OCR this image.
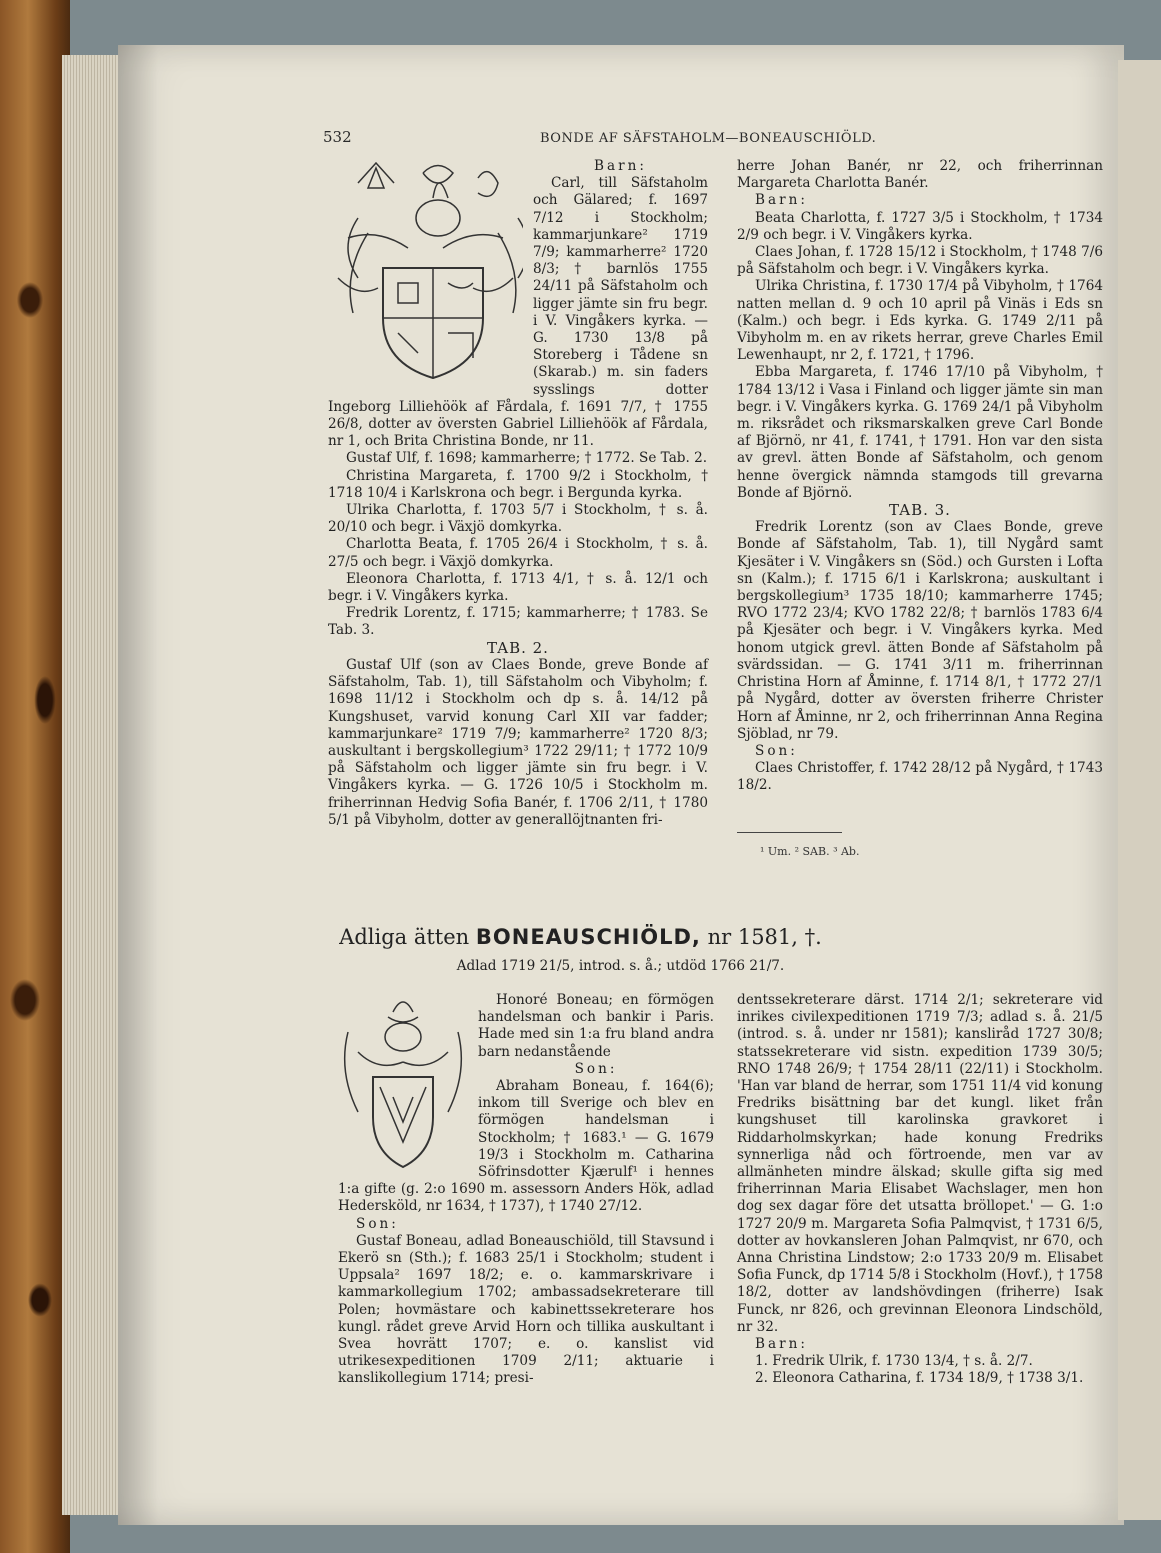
532	BONDE AF SÄFSTAHOLM—BONEAUSCHIÖLD.

Barn:

Carl, till Säfstaholm och Gälared; f. 1697 7/12 i Stockholm; kammarjunkare² 1719 7/9; kammarherre² 1720 8/3; † barnlös 1755 24/11 på Säfstaholm och ligger jämte sin fru begr. i V. Vingåkers kyrka. — G. 1730 13/8 på Storeberg i Tådene sn (Skarab.) m. sin faders sysslings dotter Ingeborg Lilliehöök af Fårdala, f. 1691 7/7, † 1755 26/8, dotter av översten Gabriel Lilliehöök af Fårdala, nr 1, och Brita Christina Bonde, nr 11.

Gustaf Ulf, f. 1698; kammarherre; † 1772. Se Tab. 2.

Christina Margareta, f. 1700 9/2 i Stockholm, † 1718 10/4 i Karlskrona och begr. i Bergunda kyrka.

Ulrika Charlotta, f. 1703 5/7 i Stockholm, † s. å. 20/10 och begr. i Växjö domkyrka.

Charlotta Beata, f. 1705 26/4 i Stockholm, † s. å. 27/5 och begr. i Växjö domkyrka.

Eleonora Charlotta, f. 1713 4/1, † s. å. 12/1 och begr. i V. Vingåkers kyrka.

Fredrik Lorentz, f. 1715; kammarherre; † 1783. Se Tab. 3.

TAB. 2.

Gustaf Ulf (son av Claes Bonde, greve Bonde af Säfstaholm, Tab. 1), till Säfstaholm och Vibyholm; f. 1698 11/12 i Stockholm och dp s. å. 14/12 på Kungshuset, varvid konung Carl XII var fadder; kammarjunkare² 1719 7/9; kammarherre² 1720 8/3; auskultant i bergskollegium³ 1722 29/11; † 1772 10/9 på Säfstaholm och ligger jämte sin fru begr. i V. Vingåkers kyrka. — G. 1726 10/5 i Stockholm m. friherrinnan Hedvig Sofia Banér, f. 1706 2/11, † 1780 5/1 på Vibyholm, dotter av generallöjtnanten fri-

herre Johan Banér, nr 22, och friherrinnan Margareta Charlotta Banér.

Barn:

Beata Charlotta, f. 1727 3/5 i Stockholm, † 1734 2/9 och begr. i V. Vingåkers kyrka.

Claes Johan, f. 1728 15/12 i Stockholm, † 1748 7/6 på Säfstaholm och begr. i V. Vingåkers kyrka.

Ulrika Christina, f. 1730 17/4 på Vibyholm, † 1764 natten mellan d. 9 och 10 april på Vinäs i Eds sn (Kalm.) och begr. i Eds kyrka. G. 1749 2/11 på Vibyholm m. en av rikets herrar, greve Charles Emil Lewenhaupt, nr 2, f. 1721, † 1796.

Ebba Margareta, f. 1746 17/10 på Vibyholm, † 1784 13/12 i Vasa i Finland och ligger jämte sin man begr. i V. Vingåkers kyrka. G. 1769 24/1 på Vibyholm m. riksrådet och riksmarskalken greve Carl Bonde af Björnö, nr 41, f. 1741, † 1791. Hon var den sista av grevl. ätten Bonde af Säfstaholm, och genom henne övergick nämnda stamgods till grevarna Bonde af Björnö.

TAB. 3.

Fredrik Lorentz (son av Claes Bonde, greve Bonde af Säfstaholm, Tab. 1), till Nygård samt Kjesäter i V. Vingåkers sn (Söd.) och Gursten i Lofta sn (Kalm.); f. 1715 6/1 i Karlskrona; auskultant i bergskollegium³ 1735 18/10; kammarherre 1745; RVO 1772 23/4; KVO 1782 22/8; † barnlös 1783 6/4 på Kjesäter och begr. i V. Vingåkers kyrka. Med honom utgick grevl. ätten Bonde af Säfstaholm på svärdssidan. — G. 1741 3/11 m. friherrinnan Christina Horn af Åminne, f. 1714 8/1, † 1772 27/1 på Nygård, dotter av översten friherre Christer Horn af Åminne, nr 2, och friherrinnan Anna Regina Sjöblad, nr 79.

Son:

Claes Christoffer, f. 1742 28/12 på Nygård, † 1743 18/2.

¹ Um. ² SAB. ³ Ab.
Adliga ätten BONEAUSCHIÖLD, nr 1581, †.
Adlad 1719 21/5, introd. s. å.; utdöd 1766 21/7.

Honoré Boneau; en förmögen handelsman och bankir i Paris. Hade med sin 1:a fru bland andra barn nedanstående

Son:

Abraham Boneau, f. 164(6); inkom till Sverige och blev en förmögen handelsman i Stockholm; † 1683.¹ — G. 1679 19/3 i Stockholm m. Catharina Söfrinsdotter Kjærulf¹ i hennes 1:a gifte (g. 2:o 1690 m. assessorn Anders Hök, adlad Hedersköld, nr 1634, † 1737), † 1740 27/12.

Son:

Gustaf Boneau, adlad Boneauschiöld, till Stavsund i Ekerö sn (Sth.); f. 1683 25/1 i Stockholm; student i Uppsala² 1697 18/2; e. o. kammarskrivare i kammarkollegium 1702; ambassadsekreterare till Polen; hovmästare och kabinettssekreterare hos kungl. rådet greve Arvid Horn och tillika auskultant i Svea hovrätt 1707; e. o. kanslist vid utrikesexpeditionen 1709 2/11; aktuarie i kanslikollegium 1714; presi-

dentssekreterare därst. 1714 2/1; sekreterare vid inrikes civilexpeditionen 1719 7/3; adlad s. å. 21/5 (introd. s. å. under nr 1581); kansliråd 1727 30/8; statssekreterare vid sistn. expedition 1739 30/5; RNO 1748 26/9; † 1754 28/11 (22/11) i Stockholm. 'Han var bland de herrar, som 1751 11/4 vid konung Fredriks bisättning bar det kungl. liket från kungshuset till karolinska gravkoret i Riddarholmskyrkan; hade konung Fredriks synnerliga nåd och förtroende, men var av allmänheten mindre älskad; skulle gifta sig med friherrinnan Maria Elisabet Wachslager, men hon dog sex dagar före det utsatta bröllopet.' — G. 1:o 1727 20/9 m. Margareta Sofia Palmqvist, † 1731 6/5, dotter av hovkansleren Johan Palmqvist, nr 670, och Anna Christina Lindstow; 2:o 1733 20/9 m. Elisabet Sofia Funck, dp 1714 5/8 i Stockholm (Hovf.), † 1758 18/2, dotter av landshövdingen (friherre) Isak Funck, nr 826, och grevinnan Eleonora Lindschöld, nr 32.

Barn:

1. Fredrik Ulrik, f. 1730 13/4, † s. å. 2/7.

2. Eleonora Catharina, f. 1734 18/9, † 1738 3/1.
